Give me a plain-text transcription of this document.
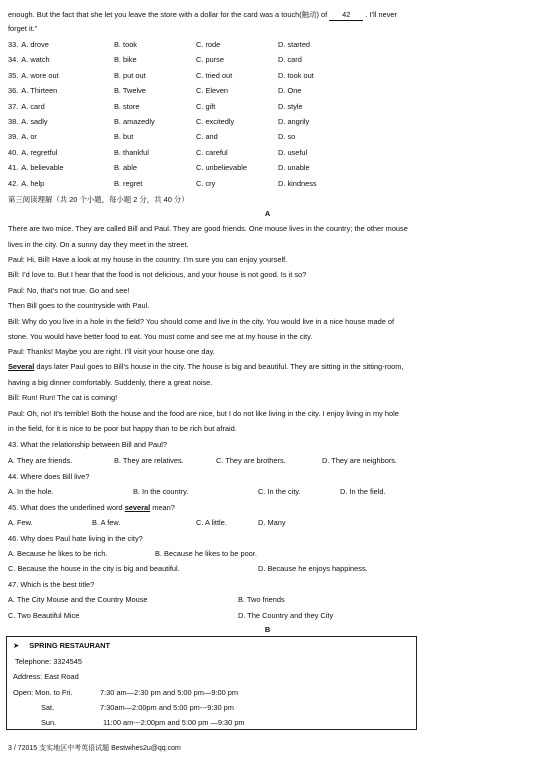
enough. But the fact that she let you leave the store with a dollar for the card was a touch(触动) of 42 . I’ll never
forget it.”
33. A. drove	B. took	C. rode	D. started
34. A. watch	B. bike	C. purse	D. card
35. A. wore out	B. put out	C. tried out	D. took out
36. A. Thirteen	B. Twelve	C. Eleven	D. One
37. A. card	B. store	C. gift	D. style
38. A. sadly	B. amazedly	C. excitedly	D. angrily
39. A. or	B. but	C. and	D. so
40. A. regretful	B. thankful	C. careful	D. useful
41. A. believable	B. able	C. unbelievable	D. unable
42. A. help	B. regret	C. cry	D. kindness
第三阅读理解（共 20 个小题，每小题 2 分，共 40 分）
A
There are two mice. They are called Bill and Paul. They are good friends. One mouse lives in the country; the other mouse
lives in the city. On a sunny day they meet in the street.
Paul: Hi, Bill! Have a look at my house in the country. I’m sure you can enjoy yourself.
Bill: I’d love to. But I hear that the food is not delicious, and your house is not good. Is it so?
Paul: No, that’s not true. Go and see!
Then Bill goes to the countryside with Paul.
Bill: Why do you live in a hole in the field? You should come and live in the city. You would live in a nice house made of
stone. You would have better food to eat. You must come and see me at my house in the city.
Paul: Thanks! Maybe you are right. I’ll visit your house one day.
Several days later Paul goes to Bill’s house in the city. The house is big and beautiful. They are sitting in the sitting-room,
having a big dinner comfortably. Suddenly, there a great noise.
Bill: Run! Run! The cat is coming!
Paul: Oh, no! It’s terrible! Both the house and the food are nice, but I do not like living in the city. I enjoy living in my hole
in the field, for it is nice to be poor but happy than to be rich but afraid.
43. What the relationship between Bill and Paul?
A. They are friends.	B. They are relatives.	C. They are brothers.	D. They are neighbors.
44. Where does Bill live?
A. In the hole.	B. In the country.	C. In the city.	D. In the field.
45. What does the underlined word several mean?
A. Few.	B. A few.	C. A little.	D. Many
46. Why does Paul hate living in the city?
A. Because he likes to be rich.	B. Because he likes to be poor.
C. Because the house in the city is big and beautiful.	D. Because he enjoys happiness.
47. Which is the best title?
A. The City Mouse and the Country Mouse	B. Two friends
C. Two Beautiful Mice	D. The Country and they City
B
➤ SPRING RESTAURANT
Telephone: 3324545
Address: East Road
Open: Mon. to Fri.	7:30 am—2:30 pm and 5:00 pm—9:00 pm
Sat.	7:30am—2:00pm and 5:00 pm---9:30 pm
Sun.	11:00 am---2:00pm and 5:00 pm —9:30 pm
3 / 72015 支实地区中考英语试题 Bestwihes2u@qq.com
